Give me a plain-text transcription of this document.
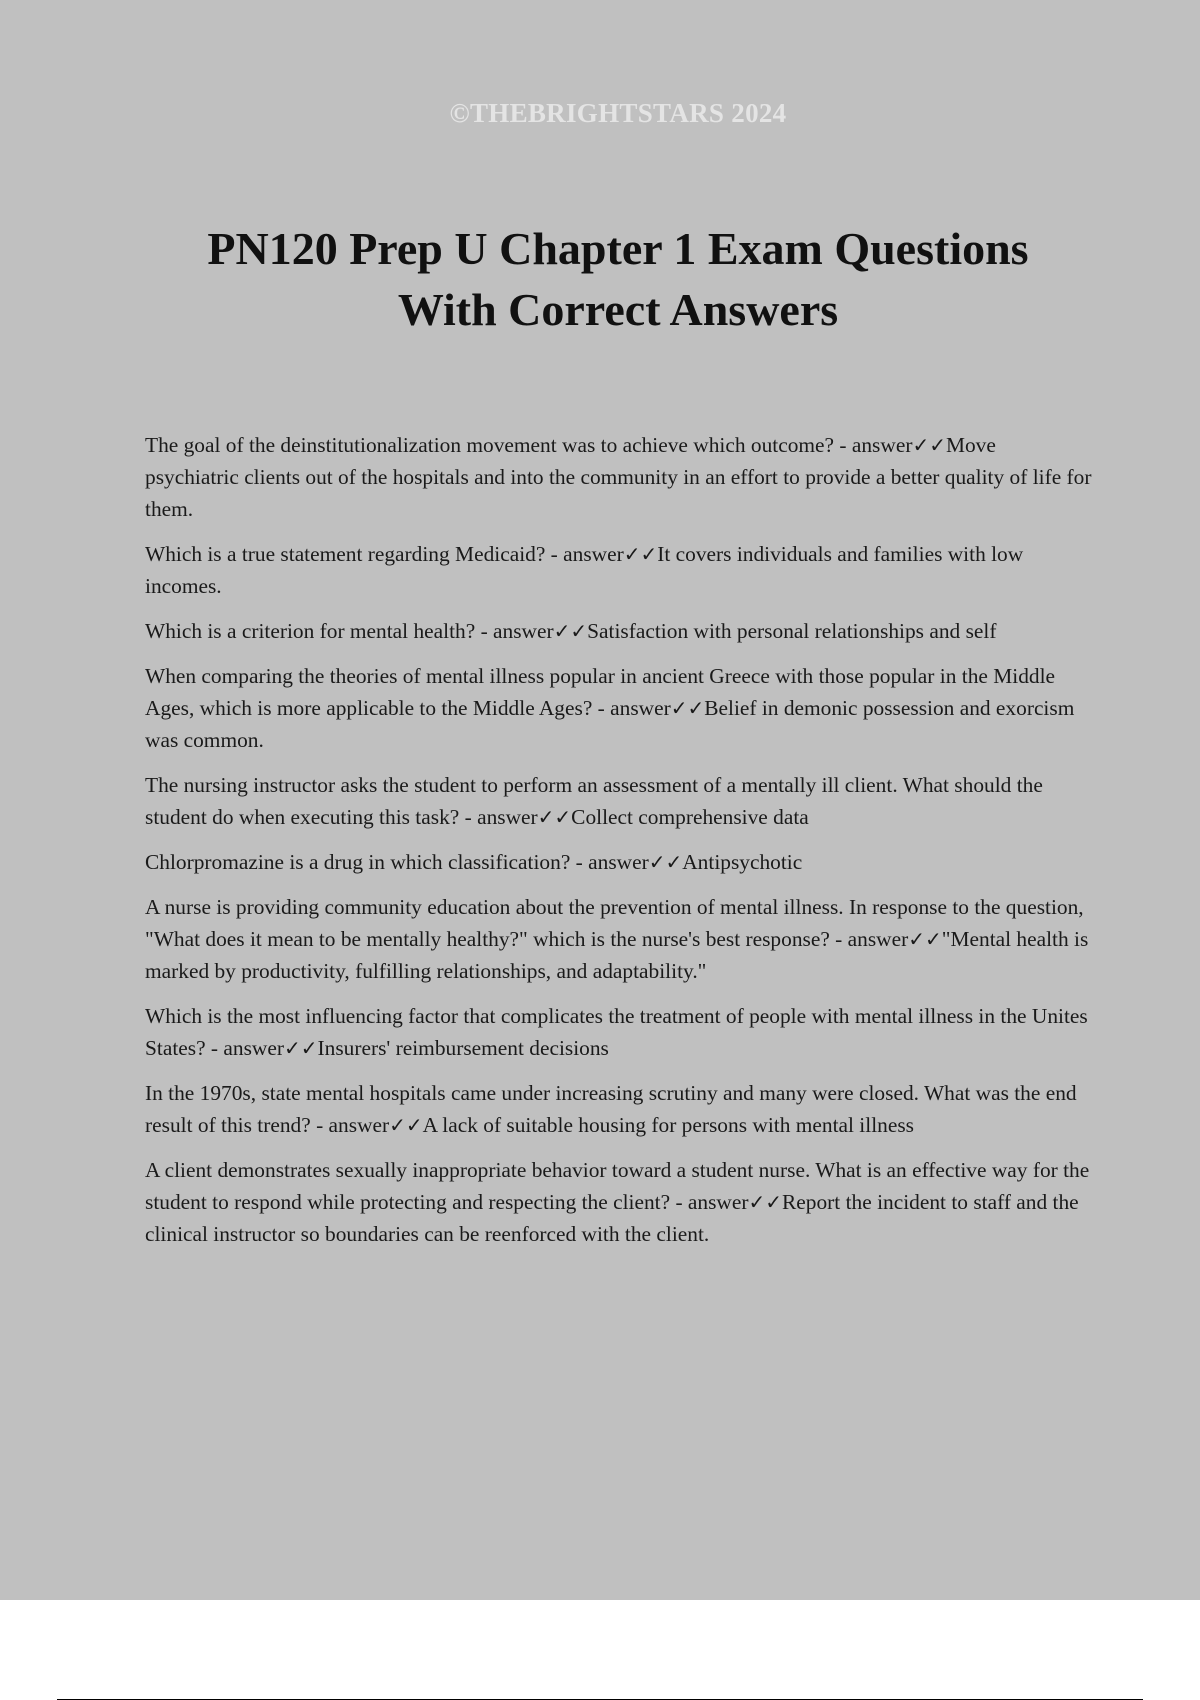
©THEBRIGHTSTARS 2024
PN120 Prep U Chapter 1 Exam Questions
With Correct Answers

The goal of the deinstitutionalization movement was to achieve which outcome? - answer✓✓Move psychiatric clients out of the hospitals and into the community in an effort to provide a better quality of life for them.

Which is a true statement regarding Medicaid? - answer✓✓It covers individuals and families with low incomes.

Which is a criterion for mental health? - answer✓✓Satisfaction with personal relationships and self

When comparing the theories of mental illness popular in ancient Greece with those popular in the Middle Ages, which is more applicable to the Middle Ages? - answer✓✓Belief in demonic possession and exorcism was common.

The nursing instructor asks the student to perform an assessment of a mentally ill client. What should the student do when executing this task? - answer✓✓Collect comprehensive data

Chlorpromazine is a drug in which classification? - answer✓✓Antipsychotic

A nurse is providing community education about the prevention of mental illness. In response to the question, "What does it mean to be mentally healthy?" which is the nurse's best response? - answer✓✓"Mental health is marked by productivity, fulfilling relationships, and adaptability."

Which is the most influencing factor that complicates the treatment of people with mental illness in the Unites States? - answer✓✓Insurers' reimbursement decisions

In the 1970s, state mental hospitals came under increasing scrutiny and many were closed. What was the end result of this trend? - answer✓✓A lack of suitable housing for persons with mental illness

A client demonstrates sexually inappropriate behavior toward a student nurse. What is an effective way for the student to respond while protecting and respecting the client? - answer✓✓Report the incident to staff and the clinical instructor so boundaries can be reenforced with the client.
